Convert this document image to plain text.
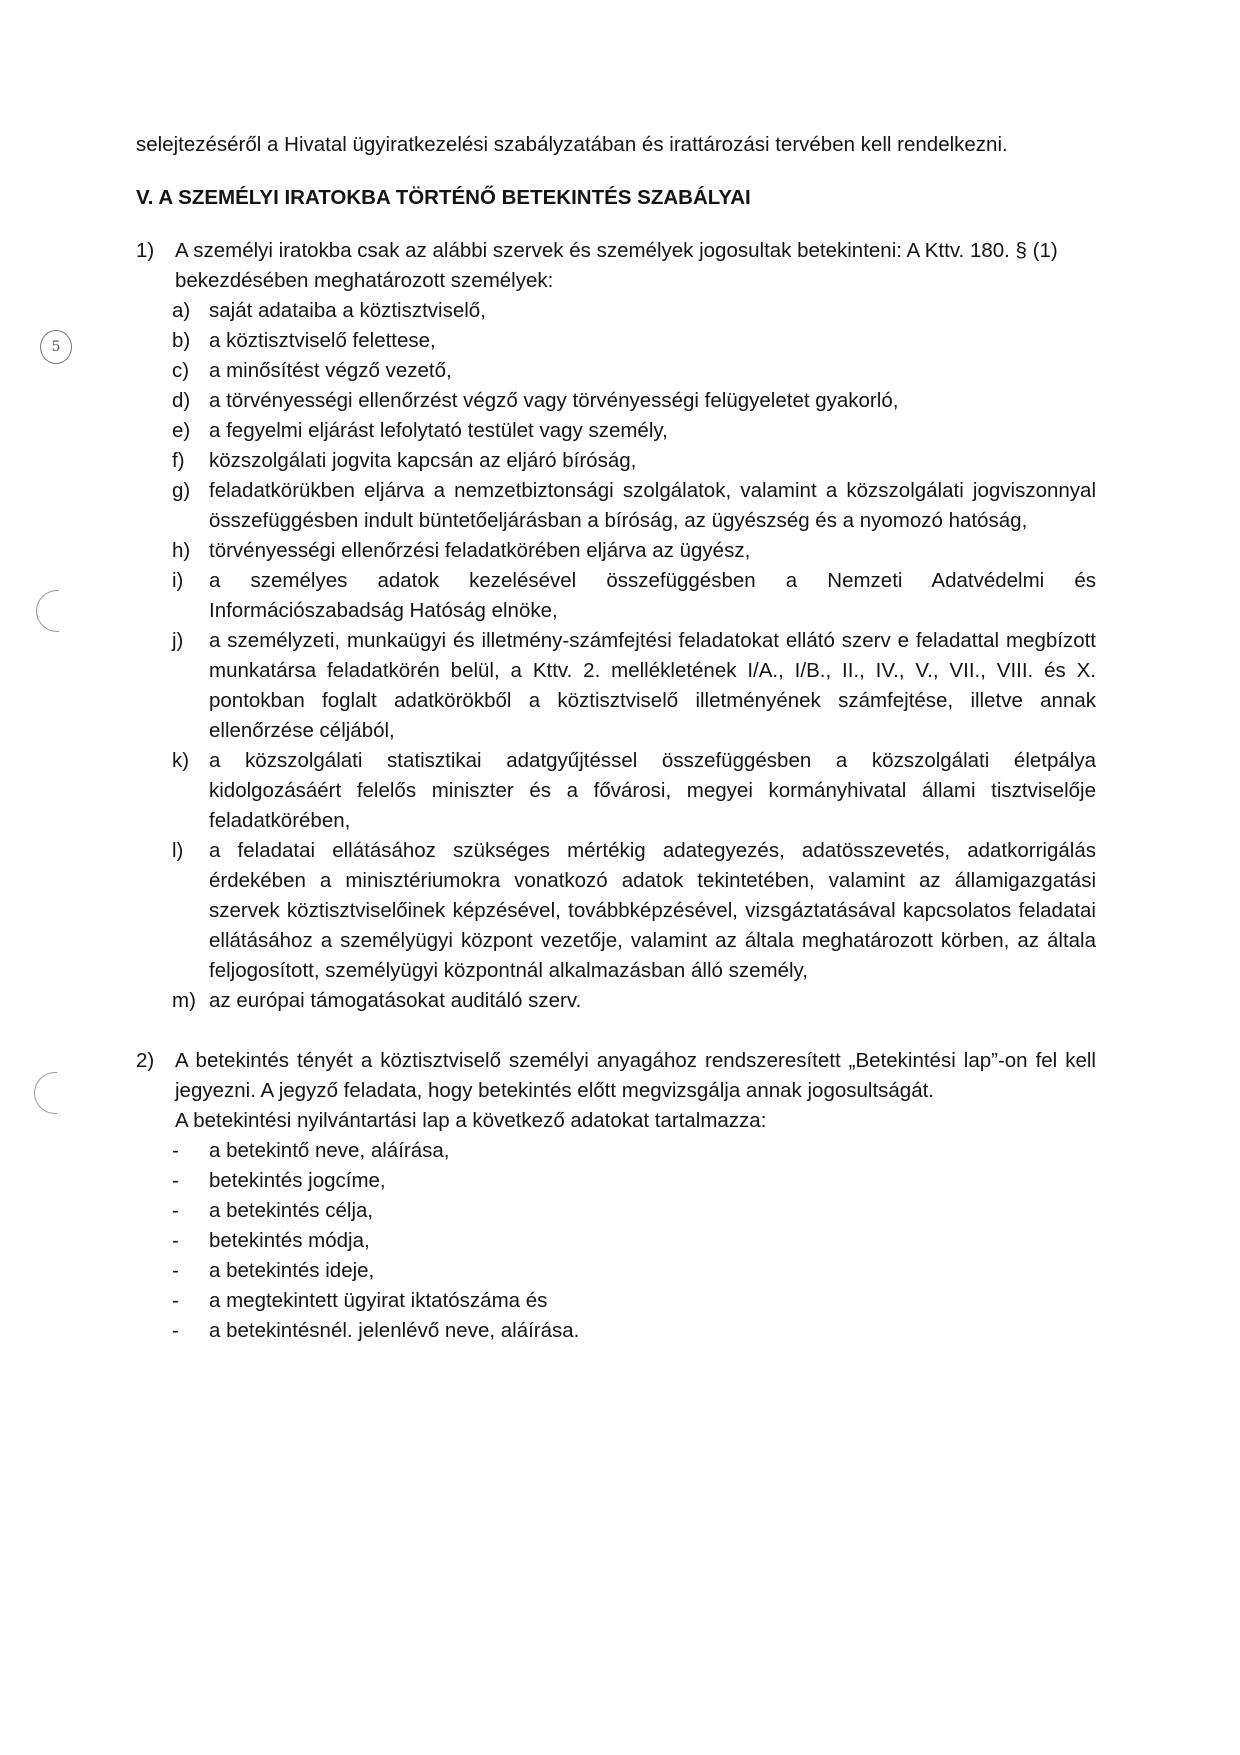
5

selejtezéséről a Hivatal ügyiratkezelési szabályzatában és irattározási tervében kell rendelkezni.

V. A SZEMÉLYI IRATOKBA TÖRTÉNŐ BETEKINTÉS SZABÁLYAI
1) A személyi iratokba csak az alábbi szervek és személyek jogosultak betekinteni: A Kttv. 180. § (1) bekezdésében meghatározott személyek:

a) saját adataiba a köztisztviselő,
b) a köztisztviselő felettese,
c) a minősítést végző vezető,
d) a törvényességi ellenőrzést végző vagy törvényességi felügyeletet gyakorló,
e) a fegyelmi eljárást lefolytató testület vagy személy,
f) közszolgálati jogvita kapcsán az eljáró bíróság,
g) feladatkörükben eljárva a nemzetbiztonsági szolgálatok, valamint a közszolgálati jogviszonnyal összefüggésben indult büntetőeljárásban a bíróság, az ügyészség és a nyomozó hatóság,
h) törvényességi ellenőrzési feladatkörében eljárva az ügyész,
i) a személyes adatok kezelésével összefüggésben a Nemzeti Adatvédelmi és Információszabadság Hatóság elnöke,
j) a személyzeti, munkaügyi és illetmény-számfejtési feladatokat ellátó szerv e feladattal megbízott munkatársa feladatkörén belül, a Kttv. 2. mellékletének I/A., I/B., II., IV., V., VII., VIII. és X. pontokban foglalt adatkörökből a köztisztviselő illetményének számfejtése, illetve annak ellenőrzése céljából,
k) a közszolgálati statisztikai adatgyűjtéssel összefüggésben a közszolgálati életpálya kidolgozásáért felelős miniszter és a fővárosi, megyei kormányhivatal állami tisztviselője feladatkörében,
l) a feladatai ellátásához szükséges mértékig adategyezés, adatösszevetés, adatkorrigálás érdekében a minisztériumokra vonatkozó adatok tekintetében, valamint az államigazgatási szervek köztisztviselőinek képzésével, továbbképzésével, vizsgáztatásával kapcsolatos feladatai ellátásához a személyügyi központ vezetője, valamint az általa meghatározott körben, az általa feljogosított, személyügyi központnál alkalmazásban álló személy,
m) az európai támogatásokat auditáló szerv.
2) A betekintés tényét a köztisztviselő személyi anyagához rendszeresített „Betekintési lap”-on fel kell jegyezni. A jegyző feladata, hogy betekintés előtt megvizsgálja annak jogosultságát.

A betekintési nyilvántartási lap a következő adatokat tartalmazza:

- a betekintő neve, aláírása,
- betekintés jogcíme,
- a betekintés célja,
- betekintés módja,
- a betekintés ideje,
- a megtekintett ügyirat iktatószáma és
- a betekintésnél. jelenlévő neve, aláírása.
